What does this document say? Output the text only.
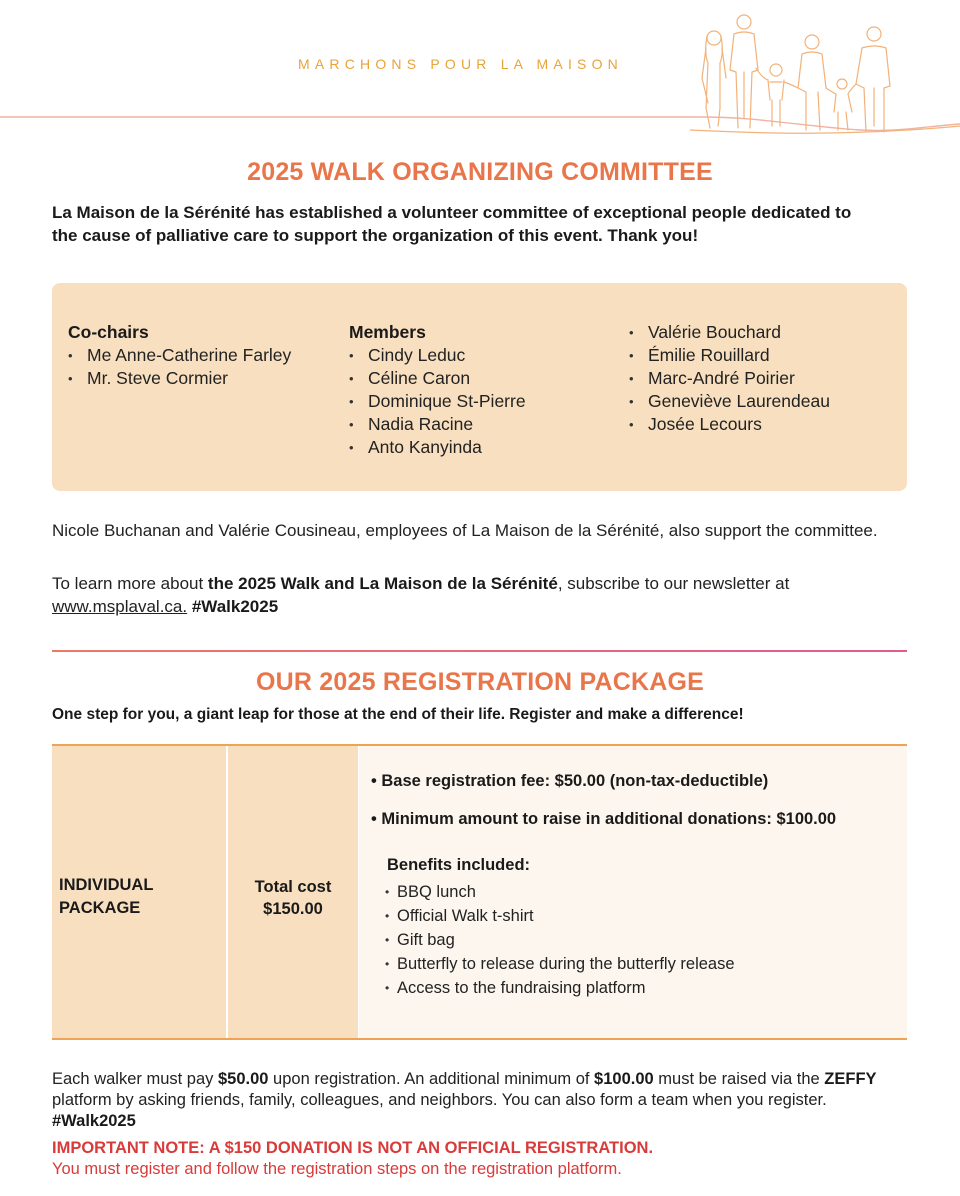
MARCHONS POUR LA MAISON
2025 WALK ORGANIZING COMMITTEE
La Maison de la Sérénité has established a volunteer committee of exceptional people dedicated to the cause of palliative care to support the organization of this event. Thank you!
Co-chairs
• Me Anne-Catherine Farley
• Mr. Steve Cormier
Members
• Cindy Leduc
• Céline Caron
• Dominique St-Pierre
• Nadia Racine
• Anto Kanyinda
• Valérie Bouchard
• Émilie Rouillard
• Marc-André Poirier
• Geneviève Laurendeau
• Josée Lecours
Nicole Buchanan and Valérie Cousineau, employees of La Maison de la Sérénité, also support the committee.
To learn more about the 2025 Walk and La Maison de la Sérénité, subscribe to our newsletter at www.msplaval.ca. #Walk2025
OUR 2025 REGISTRATION PACKAGE
One step for you, a giant leap for those at the end of their life. Register and make a difference!
INDIVIDUAL
PACKAGE
Total cost
$150.00
• Base registration fee: $50.00 (non-tax-deductible)
• Minimum amount to raise in additional donations: $100.00
Benefits included:
• BBQ lunch
• Official Walk t-shirt
• Gift bag
• Butterfly to release during the butterfly release
• Access to the fundraising platform
Each walker must pay $50.00 upon registration. An additional minimum of $100.00 must be raised via the ZEFFY platform by asking friends, family, colleagues, and neighbors. You can also form a team when you register. #Walk2025
IMPORTANT NOTE: A $150 DONATION IS NOT AN OFFICIAL REGISTRATION.
You must register and follow the registration steps on the registration platform.
